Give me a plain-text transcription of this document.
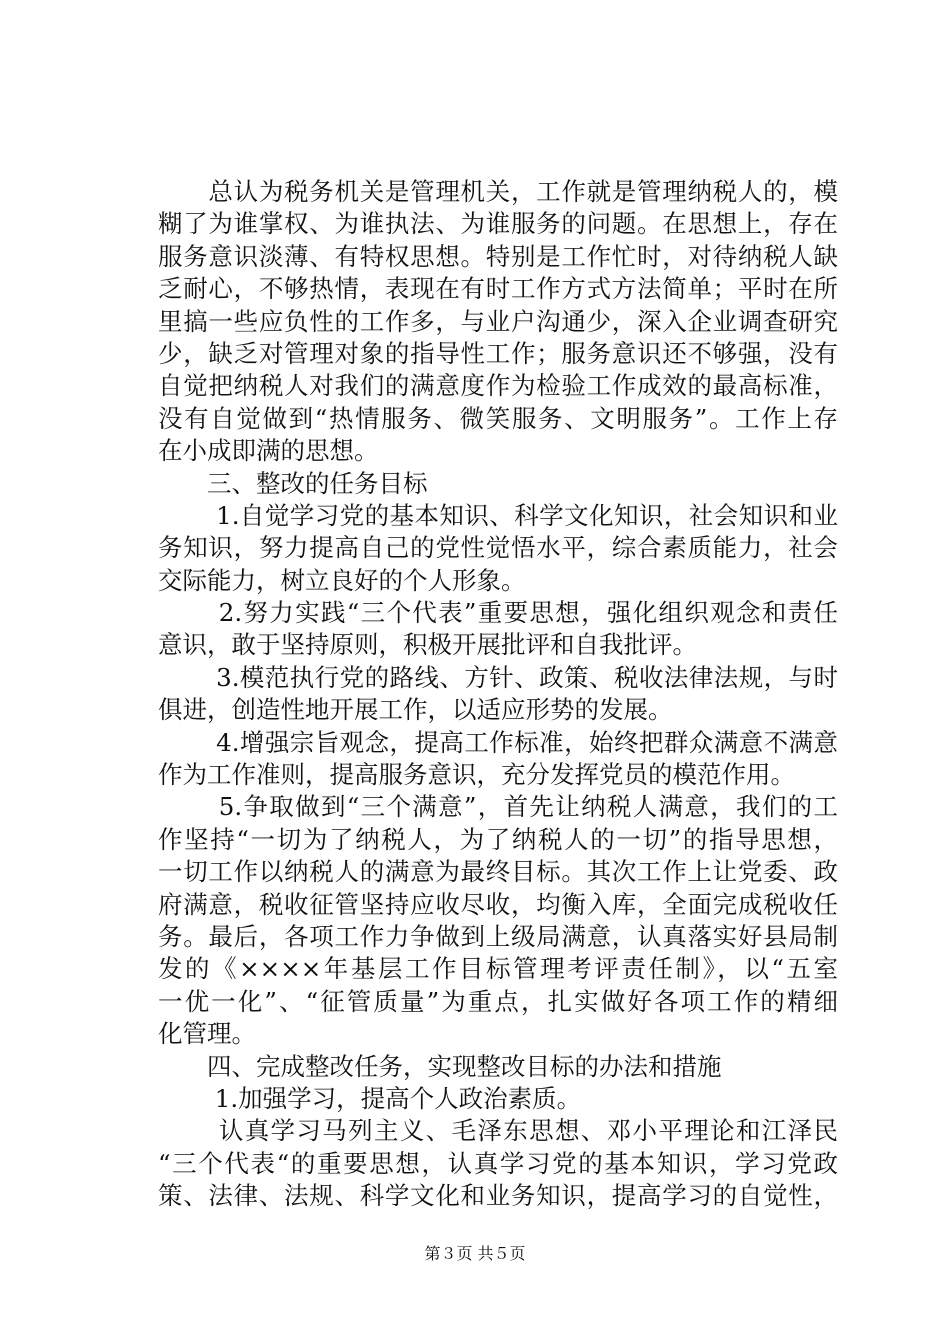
　　总认为税务机关是管理机关，工作就是管理纳税人的，模
糊了为谁掌权、为谁执法、为谁服务的问题。在思想上，存在
服务意识淡薄、有特权思想。特别是工作忙时，对待纳税人缺
乏耐心，不够热情，表现在有时工作方式方法简单；平时在所
里搞一些应负性的工作多，与业户沟通少，深入企业调查研究
少，缺乏对管理对象的指导性工作；服务意识还不够强，没有
自觉把纳税人对我们的满意度作为检验工作成效的最高标准，
没有自觉做到“热情服务、微笑服务、文明服务”。工作上存
在小成即满的思想。
　　三、整改的任务目标
　　 1.自觉学习党的基本知识、科学文化知识，社会知识和业
务知识，努力提高自己的党性觉悟水平，综合素质能力，社会
交际能力，树立良好的个人形象。
　　 2.努力实践“三个代表”重要思想，强化组织观念和责任
意识，敢于坚持原则，积极开展批评和自我批评。
　　 3.模范执行党的路线、方针、政策、税收法律法规，与时
俱进，创造性地开展工作，以适应形势的发展。
　　 4.增强宗旨观念，提高工作标准，始终把群众满意不满意
作为工作准则，提高服务意识，充分发挥党员的模范作用。
　　 5.争取做到“三个满意”，首先让纳税人满意，我们的工
作坚持“一切为了纳税人，为了纳税人的一切”的指导思想，
一切工作以纳税人的满意为最终目标。其次工作上让党委、政
府满意，税收征管坚持应收尽收，均衡入库，全面完成税收任
务。最后，各项工作力争做到上级局满意，认真落实好县局制
发的《××××年基层工作目标管理考评责任制》，以“五室
一优一化”、“征管质量”为重点，扎实做好各项工作的精细
化管理。
　　四、完成整改任务，实现整改目标的办法和措施
　　 1.加强学习，提高个人政治素质。
　　 认真学习马列主义、毛泽东思想、邓小平理论和江泽民
“三个代表“的重要思想，认真学习党的基本知识，学习党政
策、法律、法规、科学文化和业务知识，提高学习的自觉性，
第３页 共５页
